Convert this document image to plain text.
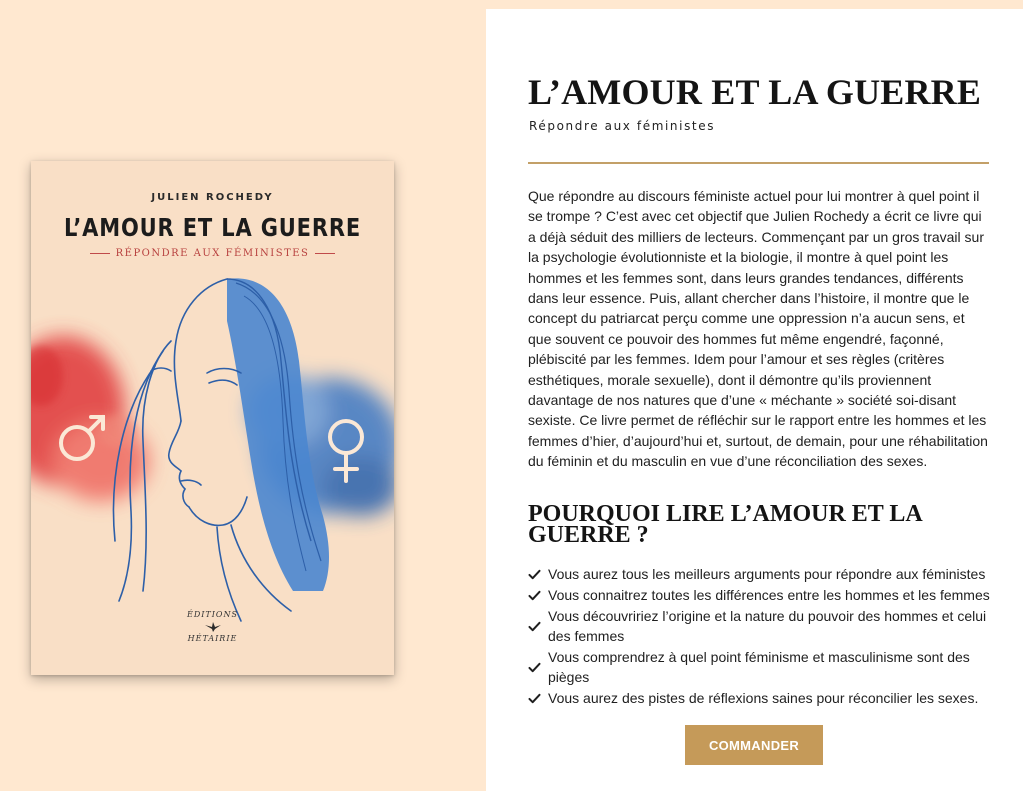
JULIEN ROCHEDY

L’AMOUR ET LA GUERRE

RÉPONDRE AUX FÉMINISTES
ÉDITIONS
HÉTAIRIE
L’AMOUR ET LA GUERRE

Répondre aux féministes

Que répondre au discours féministe actuel pour lui montrer à quel point il se trompe ? C’est avec cet objectif que Julien Rochedy a écrit ce livre qui a déjà séduit des milliers de lecteurs. Commençant par un gros travail sur la psychologie évolutionniste et la biologie, il montre à quel point les hommes et les femmes sont, dans leurs grandes tendances, différents dans leur essence. Puis, allant chercher dans l’histoire, il montre que le concept du patriarcat perçu comme une oppression n’a aucun sens, et que souvent ce pouvoir des hommes fut même engendré, façonné, plébiscité par les femmes. Idem pour l’amour et ses règles (critères esthétiques, morale sexuelle), dont il démontre qu’ils proviennent davantage de nos natures que d’une « méchante » société soi-disant sexiste. Ce livre permet de réfléchir sur le rapport entre les hommes et les femmes d’hier, d’aujourd’hui et, surtout, de demain, pour une réhabilitation du féminin et du masculin en vue d’une réconciliation des sexes.

POURQUOI LIRE L’AMOUR ET LA GUERRE ?
Vous aurez tous les meilleurs arguments pour répondre aux féministes
Vous connaitrez toutes les différences entre les hommes et les femmes
Vous découvririez l’origine et la nature du pouvoir des hommes et celui des femmes
Vous comprendrez à quel point féminisme et masculinisme sont des pièges
Vous aurez des pistes de réflexions saines pour réconcilier les sexes.
COMMANDER
